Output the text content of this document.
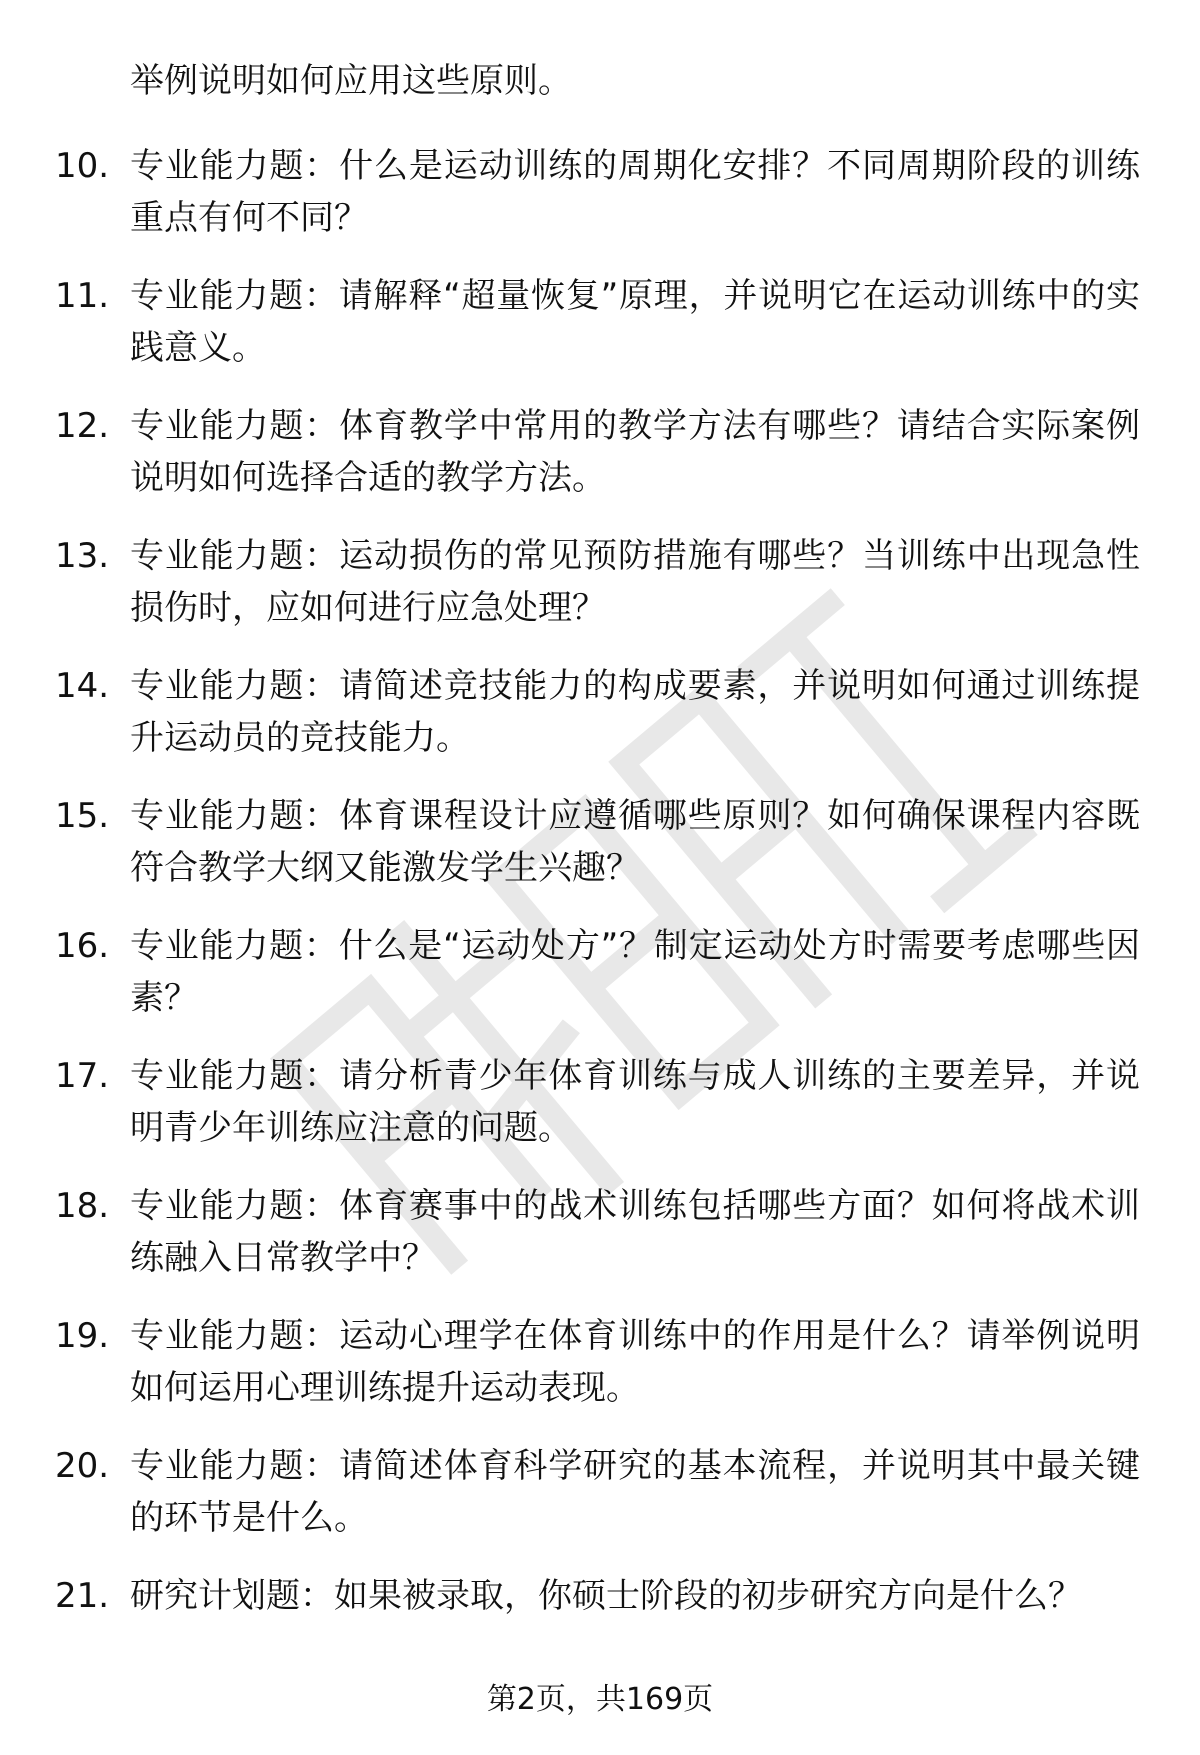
举例说明如何应用这些原则。

10. 专业能力题：什么是运动训练的周期化安排？不同周期阶段的训练重点有何不同？
11. 专业能力题：请解释“超量恢复”原理，并说明它在运动训练中的实践意义。
12. 专业能力题：体育教学中常用的教学方法有哪些？请结合实际案例说明如何选择合适的教学方法。
13. 专业能力题：运动损伤的常见预防措施有哪些？当训练中出现急性损伤时，应如何进行应急处理？
14. 专业能力题：请简述竞技能力的构成要素，并说明如何通过训练提升运动员的竞技能力。
15. 专业能力题：体育课程设计应遵循哪些原则？如何确保课程内容既符合教学大纲又能激发学生兴趣？
16. 专业能力题：什么是“运动处方”？制定运动处方时需要考虑哪些因素？
17. 专业能力题：请分析青少年体育训练与成人训练的主要差异，并说明青少年训练应注意的问题。
18. 专业能力题：体育赛事中的战术训练包括哪些方面？如何将战术训练融入日常教学中？
19. 专业能力题：运动心理学在体育训练中的作用是什么？请举例说明如何运用心理训练提升运动表现。
20. 专业能力题：请简述体育科学研究的基本流程，并说明其中最关键的环节是什么。
21. 研究计划题：如果被录取，你硕士阶段的初步研究方向是什么？

第2页，共169页
